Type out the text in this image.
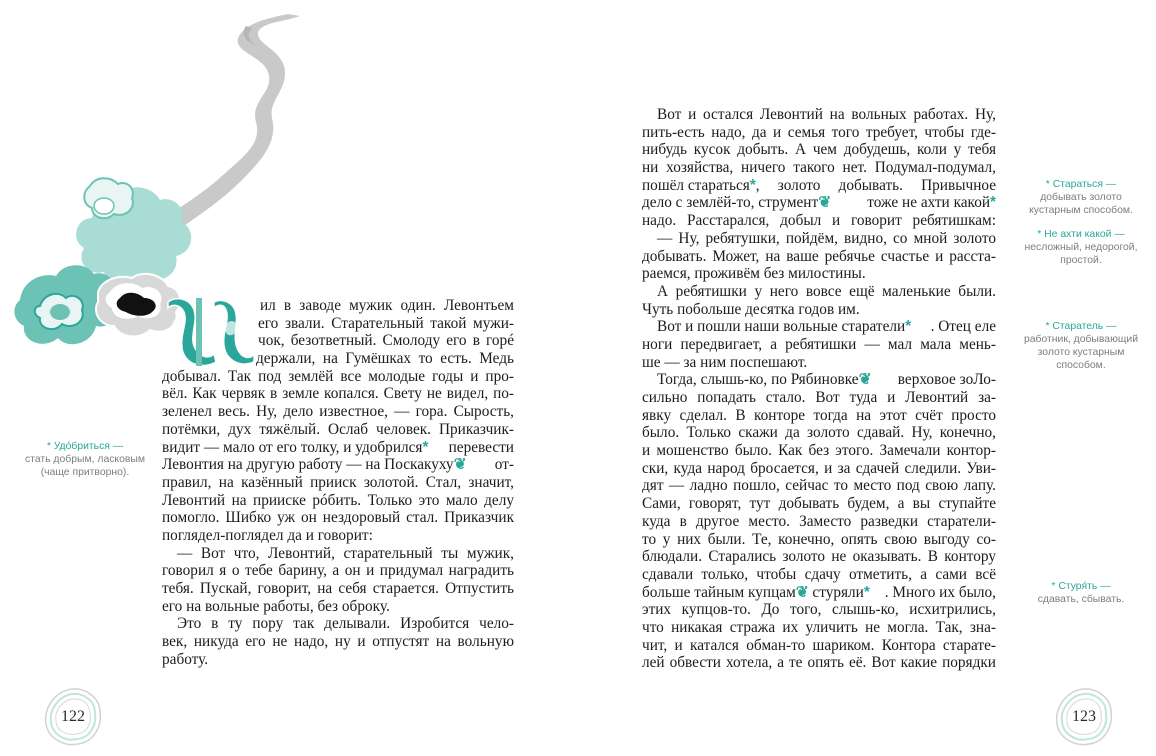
ил в заводе мужик один. Левонтьем
его звали. Старательный такой мужи-
чок, безответный. Смолоду его в горé
держали, на Гумёшках то есть. Медь
добывал. Так под землёй все молодые годы и про-
вёл. Как червяк в земле копался. Свету не видел, по-
зеленел весь. Ну, дело известное, — гора. Сырость,
потёмки, дух тяжёлый. Ослаб человек. Приказчик-
видит — мало от его толку, и удобрился* перевести
Левонтия на другую работу — на Поскакуху❦ от-
правил, на казённый прииск золотой. Стал, значит,
Левонтий на прииске рóбить. Только это мало делу
помогло. Шибко уж он нездоровый стал. Приказчик
поглядел-поглядел да и говорит:
— Вот что, Левонтий, старательный ты мужик,
говорил я о тебе барину, а он и придумал наградить
тебя. Пускай, говорит, на себя старается. Отпустить
его на вольные работы, без оброку.
Это в ту пору так делывали. Изробится чело-
век, никуда его не надо, ну и отпустят на вольную
работу.
* Удóбриться —
стать добрым, ласковым (чаще притворно).
Вот и остался Левонтий на вольных работах. Ну,
пить-есть надо, да и семья того требует, чтобы где-
нибудь кусок добыть. А чем добудешь, коли у тебя
ни хозяйства, ничего такого нет. Подумал-подумал,
пошёл стараться * , золото добывать. Привычное
дело с землёй-то, струмент❦ тоже не ахти какой*
надо. Расстарался, добыл и говорит ребятишкам:
— Ну, ребятушки, пойдём, видно, со мной золото
добывать. Может, на ваше ребячье счастье и расста-
раемся, проживём без милостины.
А ребятишки у него вовсе ещё маленькие были.
Чуть побольше десятка годов им.
Вот и пошли наши вольные старатели* . Отец еле
ноги передвигает, а ребятишки — мал мала мень-
ше — за ним поспешают.
Тогда, слышь-ко, по Рябиновке❦ верховое зоЛо-
сильно попадать стало. Вот туда и Левонтий за-
явку сделал. В конторе тогда на этот счёт просто
было. Только скажи да золото сдавай. Ну, конечно,
и мошенство было. Как без этого. Замечали контор-
ски, куда народ бросается, и за сдачей следили. Уви-
дят — ладно пошло, сейчас то место под свою лапу.
Сами, говорят, тут добывать будем, а вы ступайте
куда в другое место. Заместо разведки старатели-
то у них были. Те, конечно, опять свою выгоду со-
блюдали. Старались золото не оказывать. В контору
сдавали только, чтобы сдачу отметить, а сами всё
больше тайным купцам❦ стуряли* . Много их было,
этих купцов-то. До того, слышь-ко, исхитрились,
что никакая стража их уличить не могла. Так, зна-
чит, и катался обман-то шариком. Контора старате-
лей обвести хотела, а те опять её. Вот какие порядки
* Стараться —
добывать золото кустарным способом.
* Не ахти какой —
несложный, недорогой, простой.
* Старатель —
работник, добывающий золото кустарным способом.
* Стуря́ть —
сдавать, сбывать.
122	123
